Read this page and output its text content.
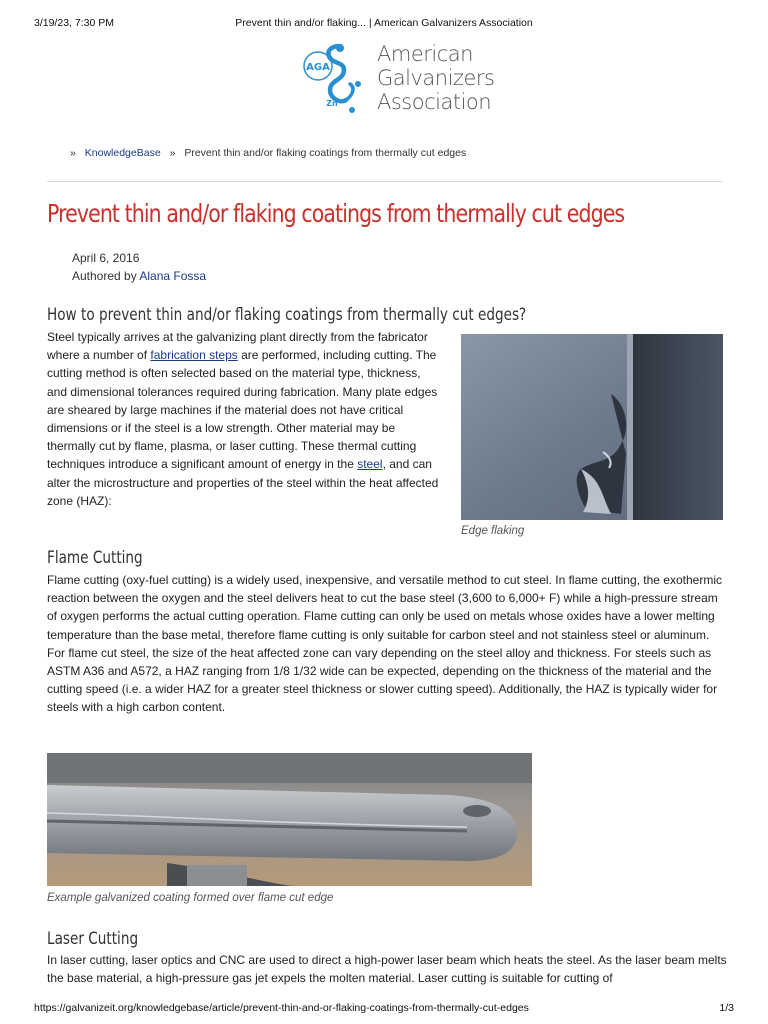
3/19/23, 7:30 PM	Prevent thin and/or flaking... | American Galvanizers Association
AGA
Zn
American
Galvanizers
Association
» KnowledgeBase » Prevent thin and/or flaking coatings from thermally cut edges
Prevent thin and/or flaking coatings from thermally cut edges
April 6, 2016
Authored by Alana Fossa
How to prevent thin and/or flaking coatings from thermally cut edges?

Steel typically arrives at the galvanizing plant directly from the fabricator where a number of fabrication steps are performed, including cutting. The cutting method is often selected based on the material type, thickness, and dimensional tolerances required during fabrication. Many plate edges are sheared by large machines if the material does not have critical dimensions or if the steel is a low strength. Other material may be thermally cut by flame, plasma, or laser cutting. These thermal cutting techniques introduce a significant amount of energy in the steel, and can alter the microstructure and properties of the steel within the heat affected zone (HAZ):

Edge flaking
Flame Cutting

Flame cutting (oxy-fuel cutting) is a widely used, inexpensive, and versatile method to cut steel. In flame cutting, the exothermic reaction between the oxygen and the steel delivers heat to cut the base steel (3,600 to 6,000+ F) while a high-pressure stream of oxygen performs the actual cutting operation. Flame cutting can only be used on metals whose oxides have a lower melting temperature than the base metal, therefore flame cutting is only suitable for carbon steel and not stainless steel or aluminum. For flame cut steel, the size of the heat affected zone can vary depending on the steel alloy and thickness. For steels such as ASTM A36 and A572, a HAZ ranging from 1/8 1/32 wide can be expected, depending on the thickness of the material and the cutting speed (i.e. a wider HAZ for a greater steel thickness or slower cutting speed). Additionally, the HAZ is typically wider for steels with a high carbon content.

Example galvanized coating formed over flame cut edge
Laser Cutting

In laser cutting, laser optics and CNC are used to direct a high-power laser beam which heats the steel. As the laser beam melts the base material, a high-pressure gas jet expels the molten material. Laser cutting is suitable for cutting of

https://galvanizeit.org/knowledgebase/article/prevent-thin-and-or-flaking-coatings-from-thermally-cut-edges	1/3
